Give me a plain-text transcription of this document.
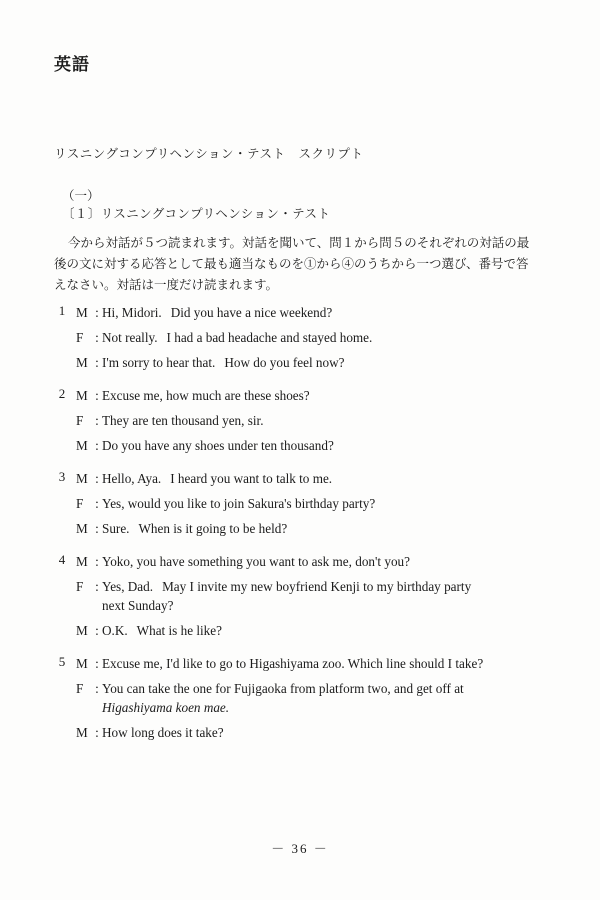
英語
リスニングコンプリヘンション・テスト　スクリプト
（一）
〔１〕リスニングコンプリヘンション・テスト
今から対話が５つ読まれます。対話を聞いて、問１から問５のそれぞれの対話の最
後の文に対する応答として最も適当なものを①から④のうちから一つ選び、番号で答
えなさい。対話は一度だけ読まれます。
1 M : Hi, Midori. Did you have a nice weekend?
F : Not really. I had a bad headache and stayed home.
M : I'm sorry to hear that. How do you feel now?
2 M : Excuse me, how much are these shoes?
F : They are ten thousand yen, sir.
M : Do you have any shoes under ten thousand?
3 M : Hello, Aya. I heard you want to talk to me.
F : Yes, would you like to join Sakura's birthday party?
M : Sure. When is it going to be held?
4 M : Yoko, you have something you want to ask me, don't you?
F : Yes, Dad. May I invite my new boyfriend Kenji to my birthday party
next Sunday?
M : O.K. What is he like?
5 M : Excuse me, I'd like to go to Higashiyama zoo. Which line should I take?
F : You can take the one for Fujigaoka from platform two, and get off at
Higashiyama koen mae.
M : How long does it take?
－ 36 －
